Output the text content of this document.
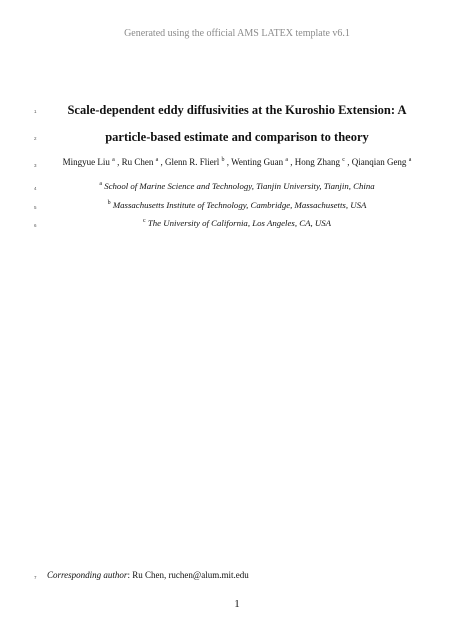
Generated using the official AMS LATEX template v6.1
1	Scale-dependent eddy diffusivities at the Kuroshio Extension: A
2	particle-based estimate and comparison to theory
3	Mingyue Liu $^a$ , Ru Chen $^a$ , Glenn R. Flierl $^b$ , Wenting Guan $^a$ , Hong Zhang $^c$ , Qianqian Geng $^a$
4
$^a$ School of Marine Science and Technology, Tianjin University, Tianjin, China
5
$^b$ Massachusetts Institute of Technology, Cambridge, Massachusetts, USA
6
$^c$ The University of California, Los Angeles, CA, USA
7 Corresponding author: Ru Chen, ruchen@alum.mit.edu
1
